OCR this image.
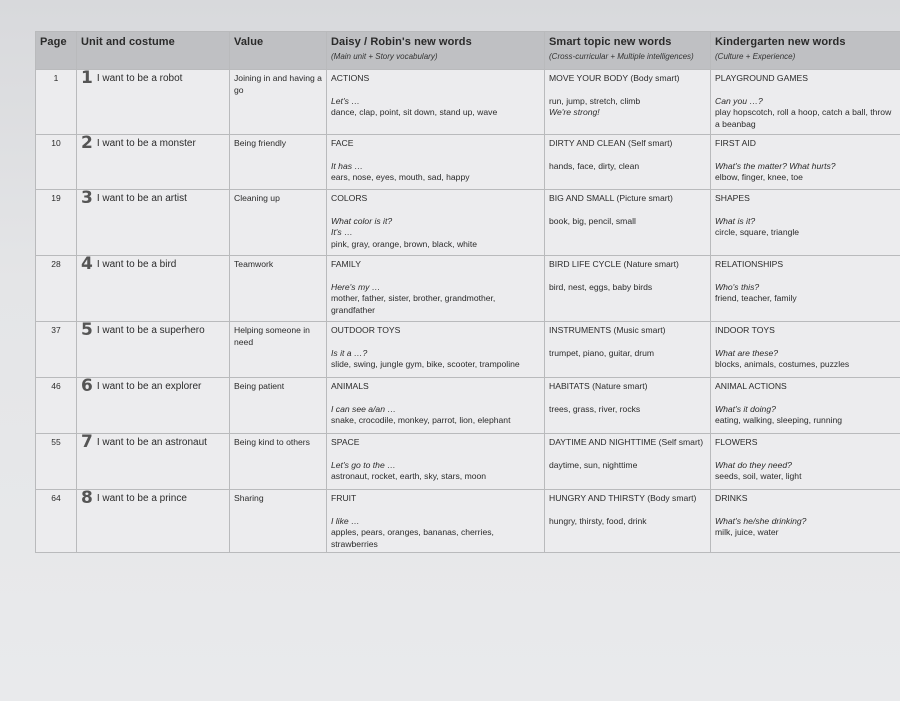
Page	Unit and costume	Value	Daisy / Robin's new words
(Main unit + Story vocabulary)	Smart topic new words
(Cross-curricular + Multiple intelligences)	Kindergarten new words
(Culture + Experience)

1	1 I want to be a robot	Joining in and having a go	ACTIONS
Let's …
dance, clap, point, sit down, stand up, wave	MOVE YOUR BODY (Body smart)
run, jump, stretch, climb
We're strong!	PLAYGROUND GAMES
Can you …?
play hopscotch, roll a hoop, catch a ball, throw a beanbag

10	2 I want to be a monster	Being friendly	FACE
It has …
ears, nose, eyes, mouth, sad, happy	DIRTY AND CLEAN (Self smart)
hands, face, dirty, clean	FIRST AID
What's the matter? What hurts?
elbow, finger, knee, toe

19	3 I want to be an artist	Cleaning up	COLORS
What color is it?
It's …
pink, gray, orange, brown, black, white	BIG AND SMALL (Picture smart)
book, big, pencil, small	SHAPES
What is it?
circle, square, triangle

28	4 I want to be a bird	Teamwork	FAMILY
Here's my …
mother, father, sister, brother, grandmother, grandfather	BIRD LIFE CYCLE (Nature smart)
bird, nest, eggs, baby birds	RELATIONSHIPS
Who's this?
friend, teacher, family

37	5 I want to be a superhero	Helping someone in need	OUTDOOR TOYS
Is it a …?
slide, swing, jungle gym, bike, scooter, trampoline	INSTRUMENTS (Music smart)
trumpet, piano, guitar, drum	INDOOR TOYS
What are these?
blocks, animals, costumes, puzzles

46	6 I want to be an explorer	Being patient	ANIMALS
I can see a/an …
snake, crocodile, monkey, parrot, lion, elephant	HABITATS (Nature smart)
trees, grass, river, rocks	ANIMAL ACTIONS
What's it doing?
eating, walking, sleeping, running

55	7 I want to be an astronaut	Being kind to others	SPACE
Let's go to the …
astronaut, rocket, earth, sky, stars, moon	DAYTIME AND NIGHTTIME (Self smart)
daytime, sun, nighttime	FLOWERS
What do they need?
seeds, soil, water, light

64	8 I want to be a prince	Sharing	FRUIT
I like …
apples, pears, oranges, bananas, cherries, strawberries	HUNGRY AND THIRSTY (Body smart)
hungry, thirsty, food, drink	DRINKS
What's he/she drinking?
milk, juice, water
